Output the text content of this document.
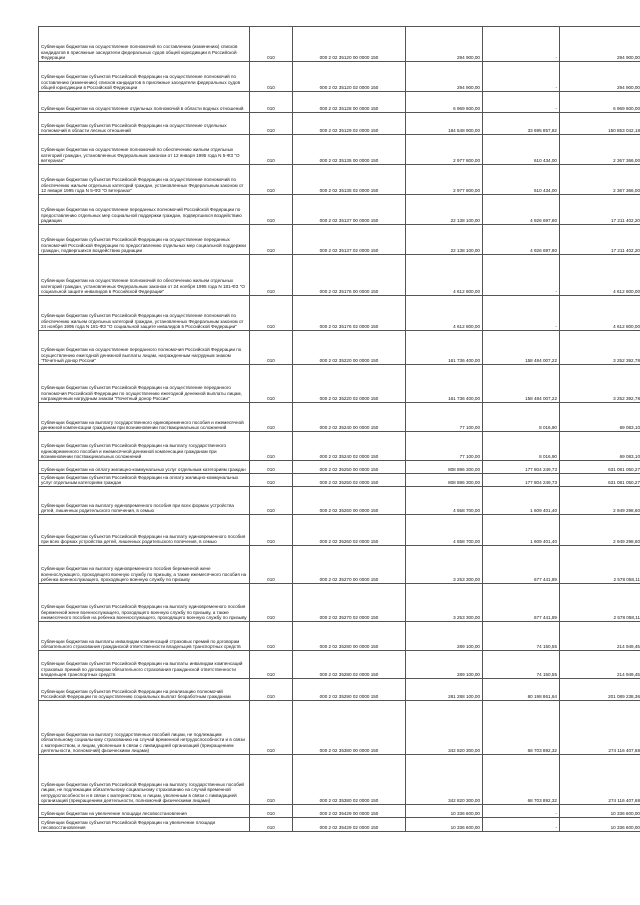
Субвенции бюджетам на осуществление полномочий по составлению (изменению) списков кандидатов в присяжные заседатели федеральных судов общей юрисдикции в Российской Федерации	010	000 2 02 35120 00 0000 150	294 900,00	-	294 900,00
Субвенции бюджетам субъектов Российской Федерации на осуществление полномочий по составлению (изменению) списков кандидатов в присяжные заседатели федеральных судов общей юрисдикции в Российской Федерации	010	000 2 02 35120 02 0000 150	294 900,00	-	294 900,00
Субвенции бюджетам на осуществление отдельных полномочий в области водных отношений	010	000 2 02 35128 00 0000 150	6 969 600,00	-	6 969 600,00
Субвенции бюджетам субъектов Российской Федерации на осуществление отдельных полномочий в области лесных отношений	010	000 2 02 35129 02 0000 150	184 548 900,00	33 695 857,82	150 853 042,18
Субвенции бюджетам на осуществление полномочий по обеспечению жильем отдельных категорий граждан, установленных Федеральным законом от 12 января 1995 года N 5-ФЗ "О ветеранах"	010	000 2 02 35135 00 0000 150	2 977 800,00	610 434,00	2 367 366,00
Субвенции бюджетам субъектов Российской Федерации на осуществление полномочий по обеспечению жильем отдельных категорий граждан, установленных Федеральным законом от 12 января 1995 года N 5-ФЗ "О ветеранах"	010	000 2 02 35135 02 0000 150	2 977 800,00	610 434,00	2 367 366,00
Субвенции бюджетам на осуществление переданных полномочий Российской Федерации по предоставлению отдельных мер социальной поддержки граждан, подвергшихся воздействию радиации	010	000 2 02 35137 00 0000 150	22 138 100,00	4 926 697,80	17 211 402,20
Субвенции бюджетам субъектов Российской Федерации на осуществление переданных полномочий Российской Федерации по предоставлению отдельных мер социальной поддержки граждан, подвергшихся воздействию радиации	010	000 2 02 35137 02 0000 150	22 138 100,00	4 926 697,80	17 211 402,20
Субвенции бюджетам на осуществление полномочий по обеспечению жильем отдельных категорий граждан, установленных Федеральным законом от 24 ноября 1995 года N 181-ФЗ "О социальной защите инвалидов в Российской Федерации"	010	000 2 02 35176 00 0000 150	4 612 800,00	-	4 612 800,00
Субвенции бюджетам субъектов Российской Федерации на осуществление полномочий по обеспечению жильем отдельных категорий граждан, установленных Федеральным законом от 24 ноября 1995 года N 181-ФЗ "О социальной защите инвалидов в Российской Федерации"	010	000 2 02 35176 02 0000 150	4 612 800,00	-	4 612 800,00
Субвенции бюджетам на осуществление переданного полномочия Российской Федерации по осуществлению ежегодной денежной выплаты лицам, награжденным нагрудным знаком "Почетный донор России"	010	000 2 02 35220 00 0000 150	161 736 400,00	158 484 007,22	3 252 392,78
Субвенции бюджетам субъектов Российской Федерации на осуществление переданного полномочия Российской Федерации по осуществлению ежегодной денежной выплаты лицам, награжденным нагрудным знаком "Почетный донор России"	010	000 2 02 35220 02 0000 150	161 736 400,00	158 484 007,22	3 252 392,78
Субвенции бюджетам на выплату государственного единовременного пособия и ежемесячной денежной компенсации гражданам при возникновении поствакцинальных осложнений	010	000 2 02 35240 00 0000 150	77 100,00	8 016,90	69 083,10
Субвенции бюджетам субъектов Российской Федерации на выплату государственного единовременного пособия и ежемесячной денежной компенсации гражданам при возникновении поствакцинальных осложнений	010	000 2 02 35240 02 0000 150	77 100,00	8 016,90	69 083,10
Субвенции бюджетам на оплату жилищно-коммунальных услуг отдельным категориям граждан	010	000 2 02 35250 00 0000 150	808 886 300,00	177 804 249,73	631 081 050,27
Субвенции бюджетам субъектов Российской Федерации на оплату жилищно-коммунальных услуг отдельным категориям граждан	010	000 2 02 35250 02 0000 150	808 886 300,00	177 804 249,73	631 081 050,27
Субвенции бюджетам на выплату единовременного пособия при всех формах устройства детей, лишенных родительского попечения, в семью	010	000 2 02 35260 00 0000 150	4 558 700,00	1 609 401,40	2 949 298,60
Субвенции бюджетам субъектов Российской Федерации на выплату единовременного пособия при всех формах устройства детей, лишенных родительского попечения, в семью	010	000 2 02 35260 02 0000 150	4 558 700,00	1 609 401,40	2 949 298,60
Субвенции бюджетам на выплату единовременного пособия беременной жене военнослужащего, проходящего военную службу по призыву, а также ежемесячного пособия на ребенка военнослужащего, проходящего военную службу по призыву	010	000 2 02 35270 00 0000 150	3 253 300,00	677 441,89	2 578 058,11
Субвенции бюджетам субъектов Российской Федерации на выплату единовременного пособия беременной жене военнослужащего, проходящего военную службу по призыву, а также ежемесячного пособия на ребенка военнослужащего, проходящего военную службу по призыву	010	000 2 02 35270 02 0000 150	3 253 300,00	677 441,89	2 578 058,11
Субвенции бюджетам на выплаты инвалидам компенсаций страховых премий по договорам обязательного страхования гражданской ответственности владельцев транспортных средств	010	000 2 02 35280 00 0000 150	289 100,00	74 150,55	214 949,45
Субвенции бюджетам субъектов Российской Федерации на выплаты инвалидам компенсаций страховых премий по договорам обязательного страхования гражданской ответственности владельцев транспортных средств	010	000 2 02 35280 02 0000 150	289 100,00	74 150,55	214 949,45
Субвенции бюджетам субъектов Российской Федерации на реализацию полномочий Российской Федерации по осуществлению социальных выплат безработным гражданам	010	000 2 02 35290 02 0000 150	281 288 100,00	80 198 861,64	201 089 238,36
Субвенции бюджетам на выплату государственных пособий лицам, не подлежащим обязательному социальному страхованию на случай временной нетрудоспособности и в связи с материнством, и лицам, уволенным в связи с ликвидацией организаций (прекращением деятельности, полномочий) физическими лицами)	010	000 2 02 35380 00 0000 150	342 820 300,00	68 703 892,32	274 116 407,68
Субвенции бюджетам субъектов Российской Федерации на выплату государственных пособий лицам, не подлежащим обязательному социальному страхованию на случай временной нетрудоспособности и в связи с материнством, и лицам, уволенным в связи с ликвидацией организаций (прекращением деятельности, полномочий физическими лицами)	010	000 2 02 35380 02 0000 150	342 820 300,00	68 703 892,32	274 116 407,68
Субвенции бюджетам на увеличение площади лесовосстановления	010	000 2 02 35429 00 0000 150	10 336 600,00	-	10 336 600,00
Субвенции бюджетам субъектов Российской Федерации на увеличение площади лесовосстановления	010	000 2 02 35429 02 0000 150	10 336 600,00	-	10 336 600,00
